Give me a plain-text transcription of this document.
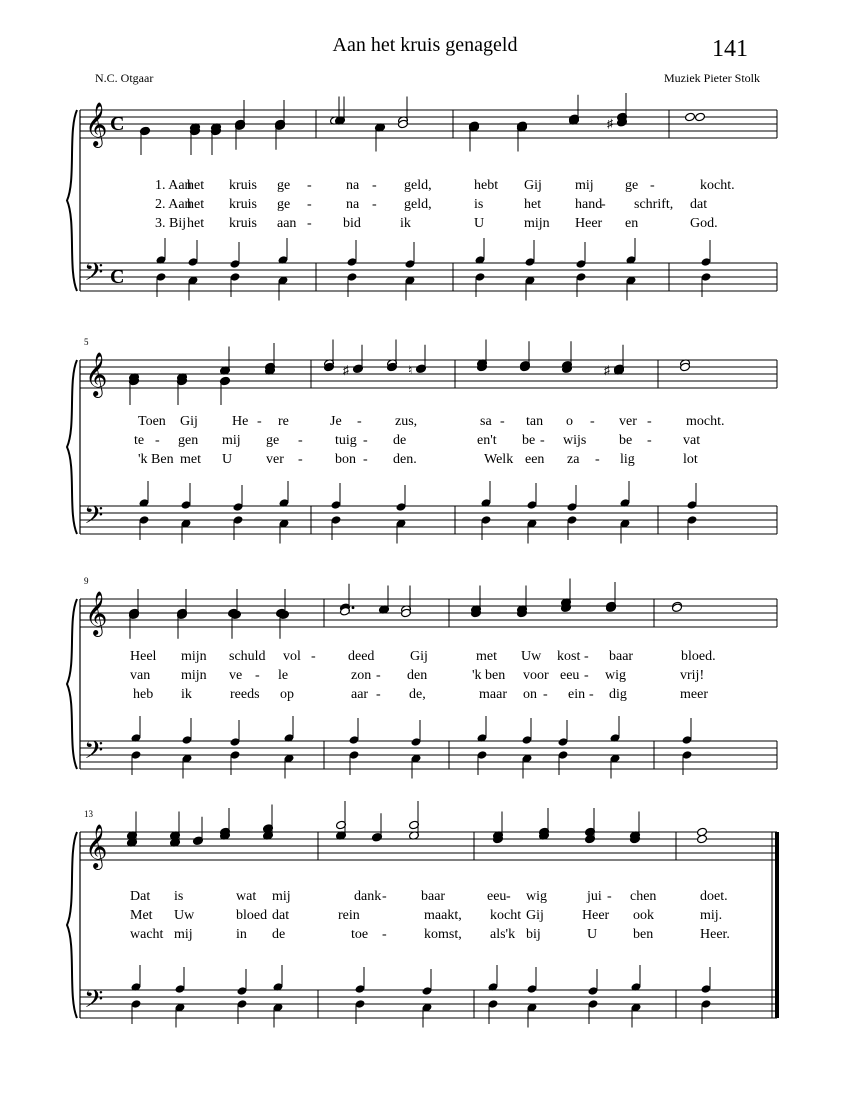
Aan het kruis genageld	141
N.C. Otgaar	Muziek Pieter Stolk
𝄞
𝄢
C
C
♯
1. Aan
het kruis ge - na - geld,	hebt Gij mij ge -	kocht.
2. Aan
het kruis ge - na - geld,	is	het hand
- schrift, dat
3. Bij het kruis aan - bid	ik	U	mijn Heer en	God.
𝄞
𝄢
5
♯	♮	♯
Toen Gij He - re	Je - zus,	sa - tan o - ver - mocht.
te - gen mij ge - tuig - de	en't be - wijs be - vat
'k Ben met U ver - bon - den.	Welk een za - lig	lot
𝄞
𝄢
9
Heel mijn schuld vol - deed	Gij	met Uw kost - baar	bloed.
van mijn ve - le	zon - den	'k ben voor eeu - wig	vrij!
heb ik	reeds op	aar - de,	maar on - ein - dig	meer
𝄞
𝄢
13
Dat is	wat mij	dank - baar	eeu - wig	jui - chen	doet.
Met Uw	bloed dat	rein	maakt, kocht Gij	Heer ook	mij.
wacht mij	in de	toe -	komst, als'k bij	U	ben	Heer.
